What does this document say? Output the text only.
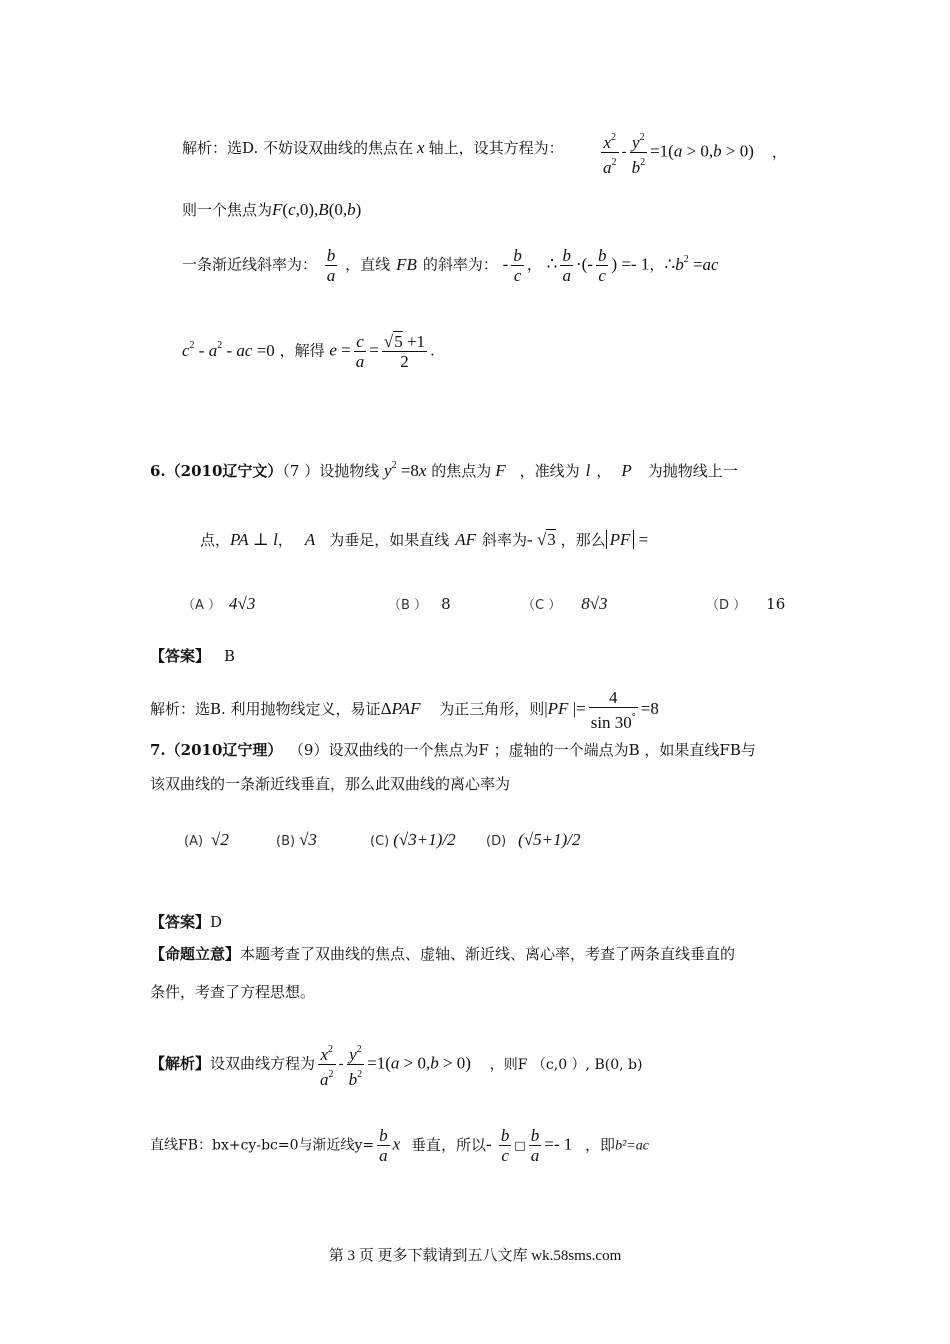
解析：选D. 不妨设双曲线的焦点在 x 轴上，设其方程为： $\frac{x^2}{a^2} - \frac{y^2}{b^2} =1(a > 0,b > 0)$ ，
则一个焦点为F(c,0),B(0,b)
一条渐近线斜率为： $\frac{b}{a}$ ，直线 FB 的斜率为： - $\frac{b}{c}$ ， ∴ $\frac{b}{a}$ ·(- $\frac{b}{c}$ ) =- 1，$\therefore b^2 =ac$
$c^2 - a^2$ - ac =0 ，解得 $e = \frac{c}{a} = \frac{√5 +1}{2}$ .
6.（2010辽宁文）（7 ）设抛物线 $y^2 =8x$ 的焦点为 F ，准线为 l ， P 为抛物线上一
点，PA ⊥ l， A 为垂足，如果直线 AF 斜率为- √3 ，那么 PF =
（A ） 4√3	（B ） 8	（C ） 8√3	（D ） 16
【答案】 B
解析：选B. 利用抛物线定义，易证ΔPAF 为正三角形，则|PF |= $\frac{4}{\sin 30^\circ} =8$
7.（2010辽宁理） （9）设双曲线的一个焦点为F ；虚轴的一个端点为B ，如果直线FB与
该双曲线的一条渐近线垂直，那么此双曲线的离心率为
(A) √2	(B) √3	(C) (√3+1)/2 (D) (√5+1)/2
【答案】D
【命题立意】本题考查了双曲线的焦点、虚轴、渐近线、离心率，考查了两条直线垂直的
条件，考查了方程思想。
【解析】设双曲线方程为 $\frac{x^2}{a^2} - \frac{y^2}{b^2} =1(a > 0,b > 0)$ ，则F （c,0 ）, B(0, b)
直线FB：bx+cy-bc=0与渐近线$y= \frac{b}{a}$ x 垂直，所以- $\frac{b}{c}$ □ $\frac{b}{a} =- 1$ ，即b²=ac
第 3 页 更多下载请到五八文库 wk.58sms.com
